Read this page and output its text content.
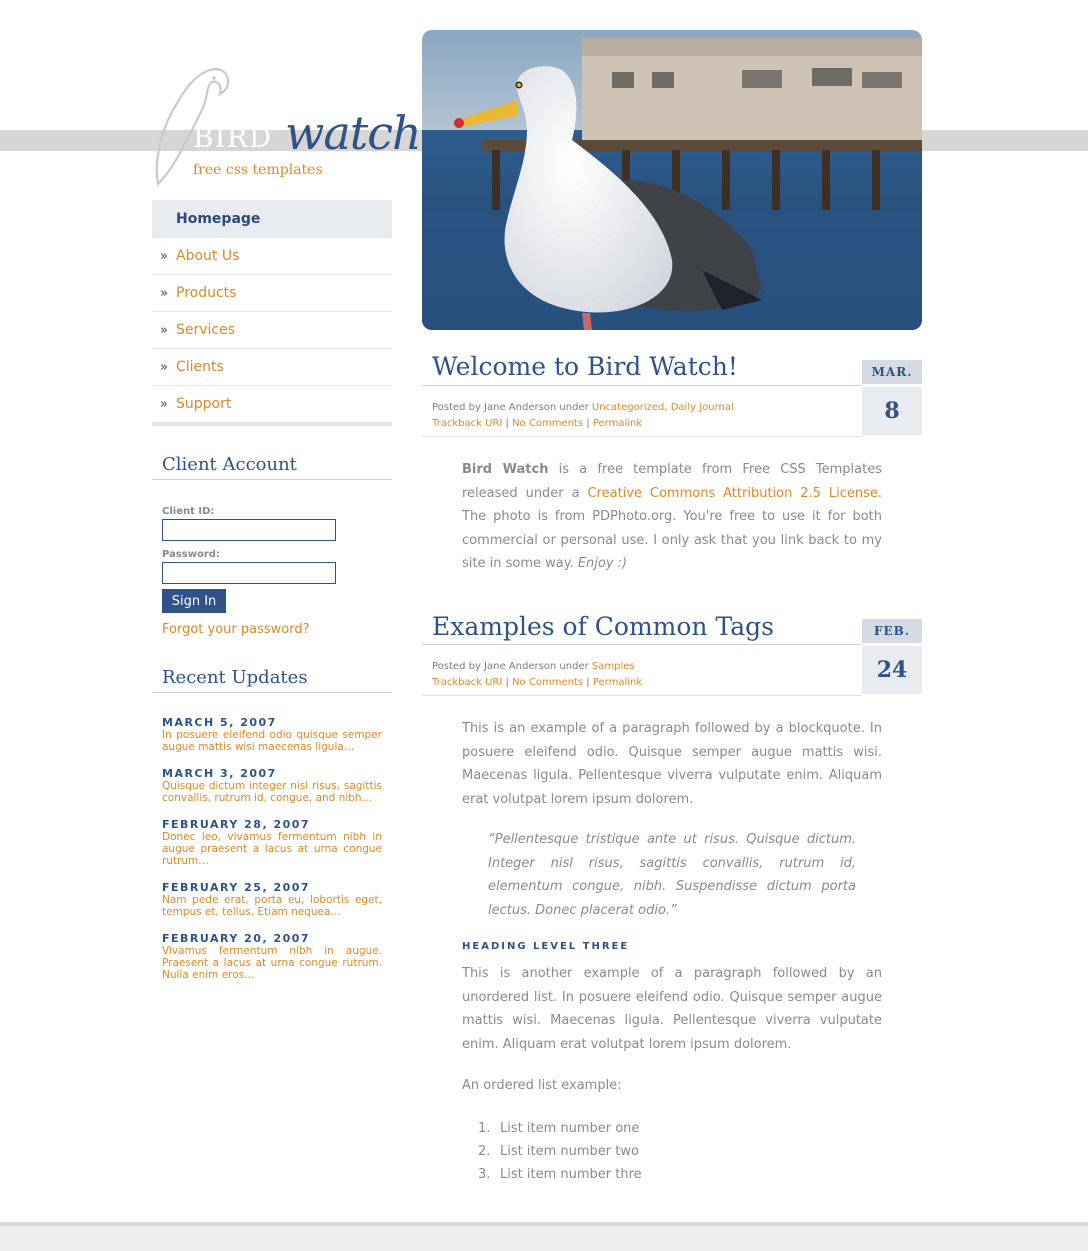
BIRD watch
free css templates
Homepage
» About Us
» Products
» Services
» Clients
» Support
Client Account
Client ID:
Password:
Sign In
Forgot your password?
Recent Updates
MARCH 5, 2007
In posuere eleifend odio quisque semper augue mattis wisi maecenas ligula…
MARCH 3, 2007
Quisque dictum integer nisl risus, sagittis convallis, rutrum id, congue, and nibh…
FEBRUARY 28, 2007
Donec leo, vivamus fermentum nibh in augue praesent a lacus at urna congue rutrum…
FEBRUARY 25, 2007
Nam pede erat, porta eu, lobortis eget, tempus et, tellus. Etiam nequea…
FEBRUARY 20, 2007
Vivamus fermentum nibh in augue. Praesent a lacus at urna congue rutrum. Nulla enim eros…
Welcome to Bird Watch!	MAR.
8
Posted by Jane Anderson under Uncategorized, Daily Journal
Trackback URI | No Comments | Permalink
Bird Watch is a free template from Free CSS Templates released under a Creative Commons Attribution 2.5 License. The photo is from PDPhoto.org. You're free to use it for both commercial or personal use. I only ask that you link back to my site in some way. Enjoy :)
Examples of Common Tags	FEB.
24
Posted by Jane Anderson under Samples
Trackback URI | No Comments | Permalink
This is an example of a paragraph followed by a blockquote. In posuere eleifend odio. Quisque semper augue mattis wisi. Maecenas ligula. Pellentesque viverra vulputate enim. Aliquam erat volutpat lorem ipsum dolorem.
“Pellentesque tristique ante ut risus. Quisque dictum. Integer nisl risus, sagittis convallis, rutrum id, elementum congue, nibh. Suspendisse dictum porta lectus. Donec placerat odio.”
HEADING LEVEL THREE
This is another example of a paragraph followed by an unordered list. In posuere eleifend odio. Quisque semper augue mattis wisi. Maecenas ligula. Pellentesque viverra vulputate enim. Aliquam erat volutpat lorem ipsum dolorem.
An ordered list example:
1. List item number one
2. List item number two
3. List item number thre
